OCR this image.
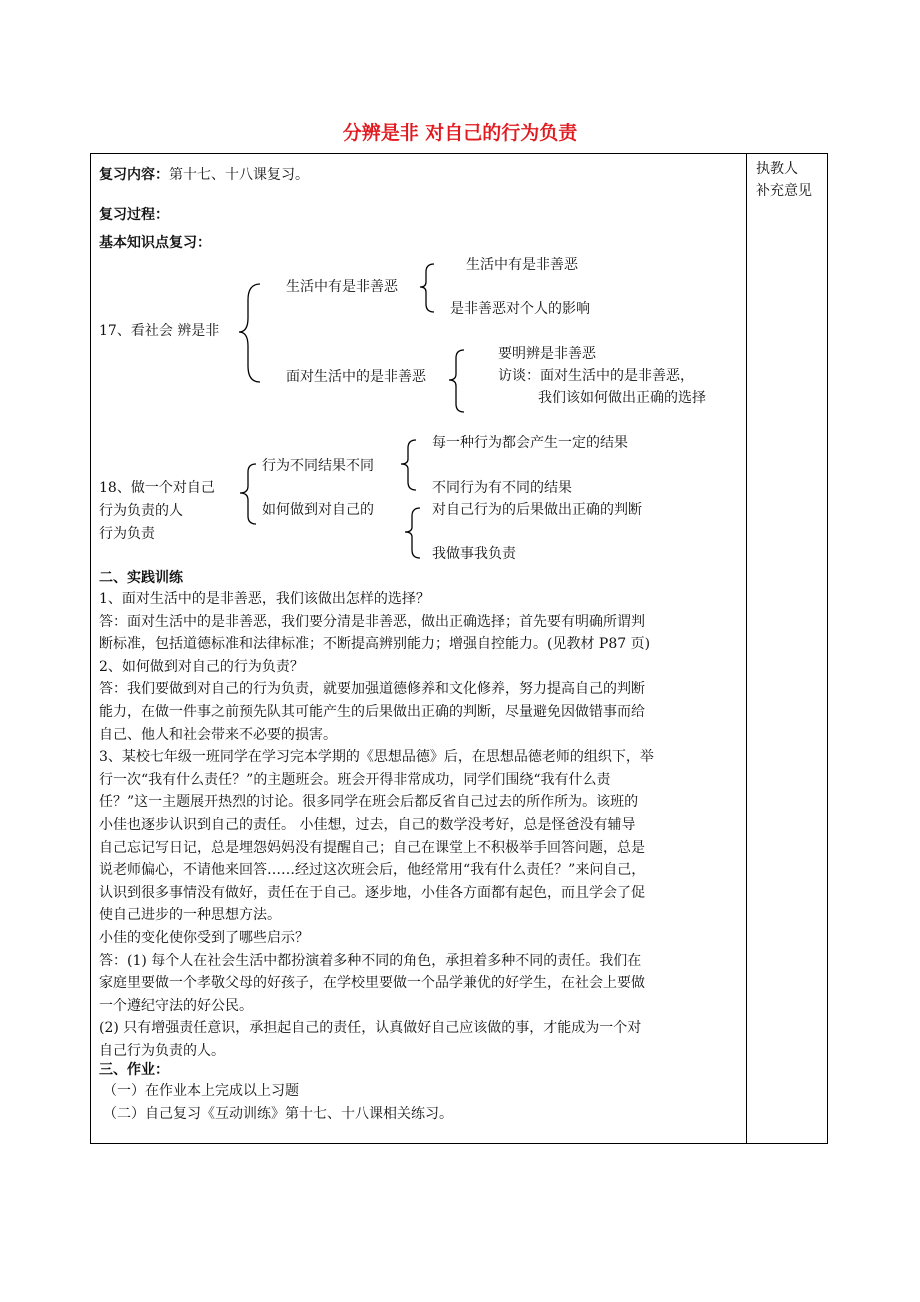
分辨是非 对自己的行为负责
执教人
补充意见
复习内容：第十七、十八课复习。
复习过程：
基本知识点复习：
17、看社会 辨是非
生活中有是非善恶
生活中有是非善恶
是非善恶对个人的影响
面对生活中的是非善恶
要明辨是非善恶
访谈：面对生活中的是非善恶，
我们该如何做出正确的选择
18、做一个对自己
行为负责的人
行为负责
行为不同结果不同
每一种行为都会产生一定的结果
不同行为有不同的结果
如何做到对自己的	对自己行为的后果做出正确的判断
我做事我负责
二、实践训练
1、面对生活中的是非善恶，我们该做出怎样的选择？
答：面对生活中的是非善恶，我们要分清是非善恶，做出正确选择；首先要有明确所谓判
断标准，包括道德标准和法律标准；不断提高辨别能力；增强自控能力。(见教材 P87 页)
2、如何做到对自己的行为负责？
答：我们要做到对自己的行为负责，就要加强道德修养和文化修养，努力提高自己的判断
能力，在做一件事之前预先队其可能产生的后果做出正确的判断，尽量避免因做错事而给
自己、他人和社会带来不必要的损害。
3、某校七年级一班同学在学习完本学期的《思想品德》后，在思想品德老师的组织下，举
行一次“我有什么责任？”的主题班会。班会开得非常成功，同学们围绕“我有什么责
任？”这一主题展开热烈的讨论。很多同学在班会后都反省自己过去的所作所为。该班的
小佳也逐步认识到自己的责任。 小佳想，过去，自己的数学没考好，总是怪爸没有辅导
自己忘记写日记，总是埋怨妈妈没有提醒自己；自己在课堂上不积极举手回答问题，总是
说老师偏心，不请他来回答……经过这次班会后，他经常用“我有什么责任？”来问自己，
认识到很多事情没有做好，责任在于自己。逐步地，小佳各方面都有起色，而且学会了促
使自己进步的一种思想方法。
小佳的变化使你受到了哪些启示？
答：(1) 每个人在社会生活中都扮演着多种不同的角色，承担着多种不同的责任。我们在
家庭里要做一个孝敬父母的好孩子，在学校里要做一个品学兼优的好学生，在社会上要做
一个遵纪守法的好公民。
(2) 只有增强责任意识，承担起自己的责任，认真做好自己应该做的事，才能成为一个对
自己行为负责的人。
三、作业：
（一）在作业本上完成以上习题
（二）自己复习《互动训练》第十七、十八课相关练习。
